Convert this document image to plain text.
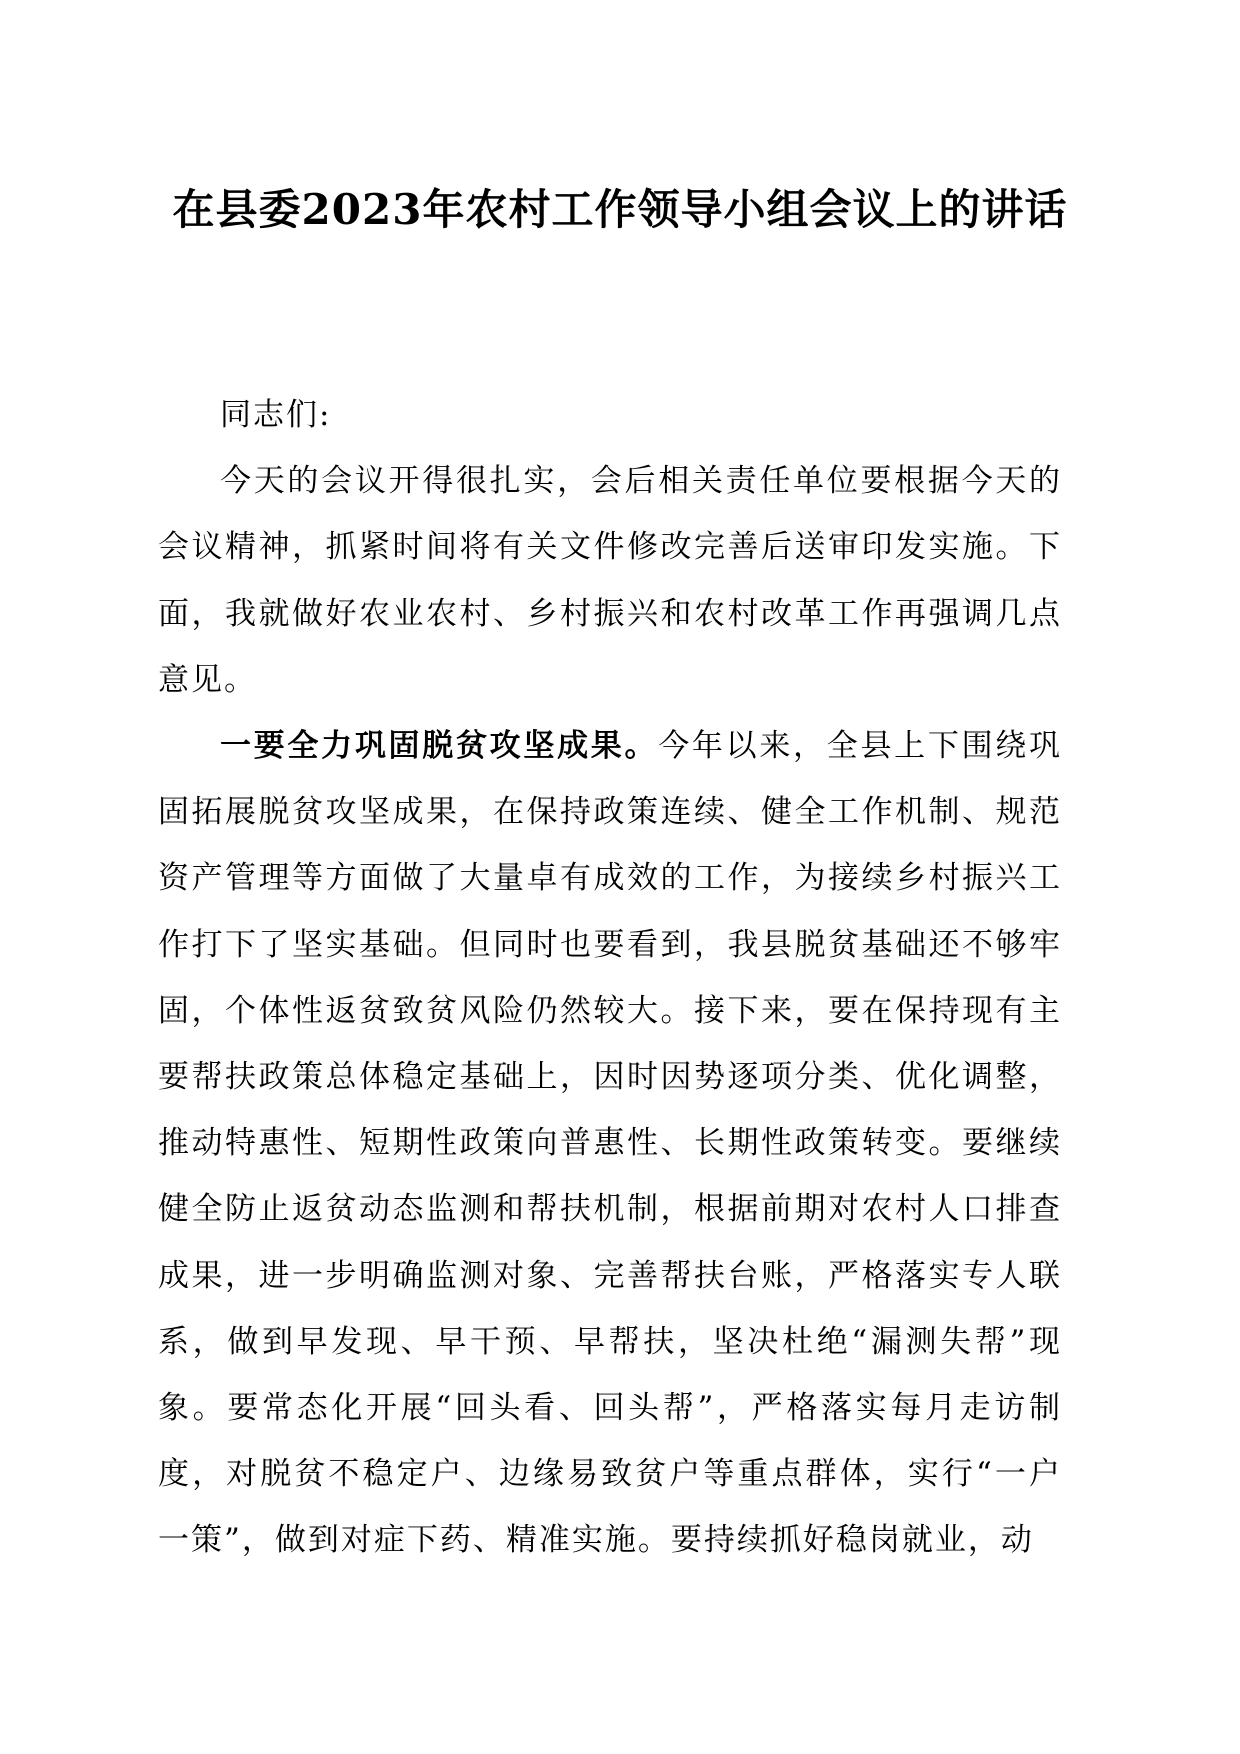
在县委2023年农村工作领导小组会议上的讲话

同志们:

今天的会议开得很扎实，会后相关责任单位要根据今天的会议精神，抓紧时间将有关文件修改完善后送审印发实施。下面，我就做好农业农村、乡村振兴和农村改革工作再强调几点意见。

一要全力巩固脱贫攻坚成果。今年以来，全县上下围绕巩固拓展脱贫攻坚成果，在保持政策连续、健全工作机制、规范资产管理等方面做了大量卓有成效的工作，为接续乡村振兴工作打下了坚实基础。但同时也要看到，我县脱贫基础还不够牢固，个体性返贫致贫风险仍然较大。接下来，要在保持现有主要帮扶政策总体稳定基础上，因时因势逐项分类、优化调整，推动特惠性、短期性政策向普惠性、长期性政策转变。要继续健全防止返贫动态监测和帮扶机制，根据前期对农村人口排查成果，进一步明确监测对象、完善帮扶台账，严格落实专人联系，做到早发现、早干预、早帮扶，坚决杜绝“漏测失帮”现象。要常态化开展“回头看、回头帮”，严格落实每月走访制度，对脱贫不稳定户、边缘易致贫户等重点群体，实行“一户一策”，做到对症下药、精准实施。要持续抓好稳岗就业，动
